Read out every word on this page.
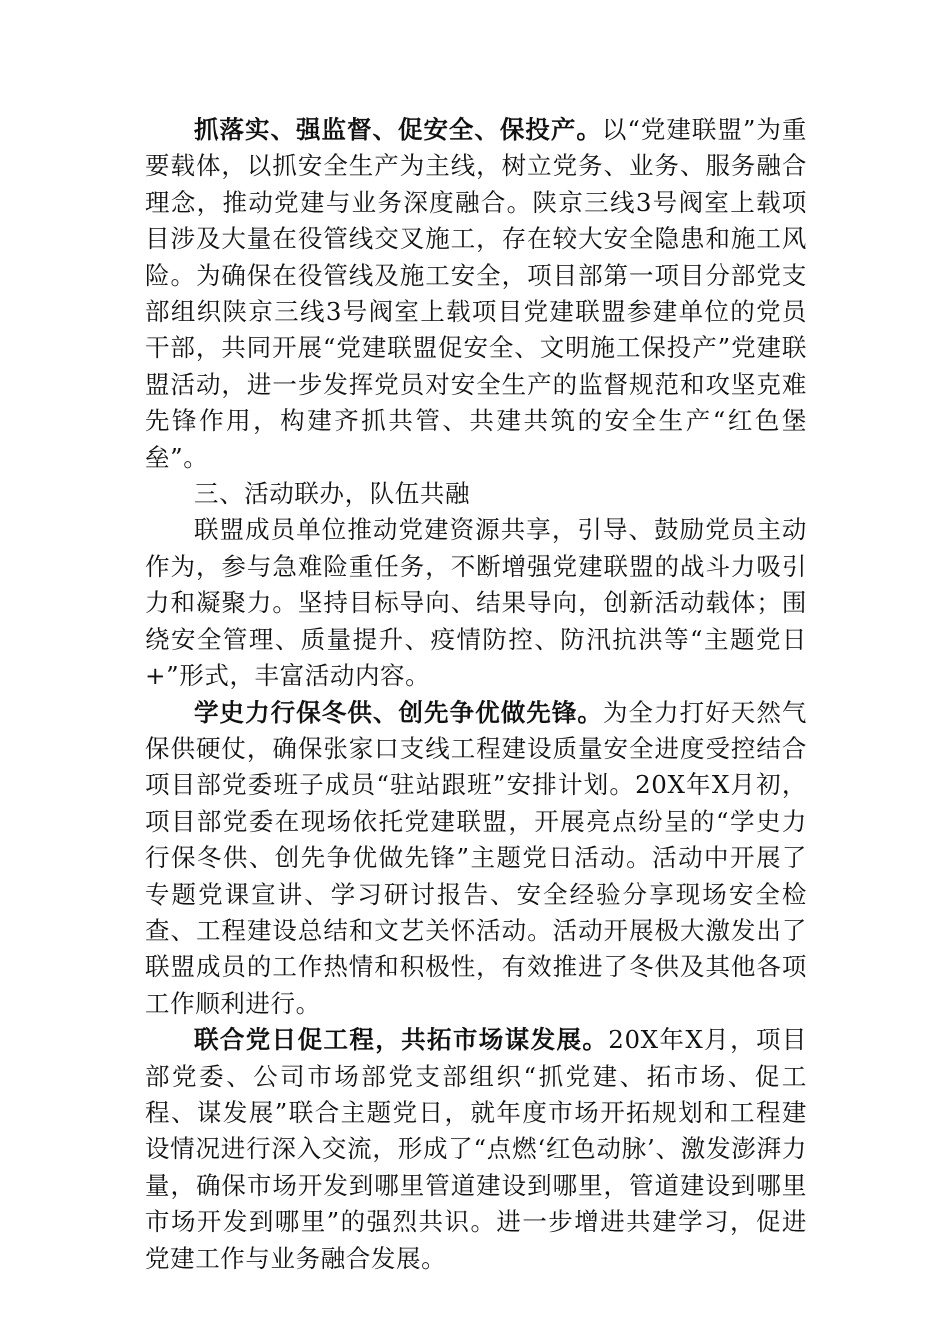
抓落实、强监督、促安全、保投产。以“党建联盟”为重要载体，以抓安全生产为主线，树立党务、业务、服务融合理念，推动党建与业务深度融合。陕京三线3号阀室上载项目涉及大量在役管线交叉施工，存在较大安全隐患和施工风险。为确保在役管线及施工安全，项目部第一项目分部党支部组织陕京三线3号阀室上载项目党建联盟参建单位的党员干部，共同开展“党建联盟促安全、文明施工保投产”党建联盟活动，进一步发挥党员对安全生产的监督规范和攻坚克难先锋作用，构建齐抓共管、共建共筑的安全生产“红色堡垒”。

三、活动联办，队伍共融

联盟成员单位推动党建资源共享，引导、鼓励党员主动作为，参与急难险重任务，不断增强党建联盟的战斗力吸引力和凝聚力。坚持目标导向、结果导向，创新活动载体；围绕安全管理、质量提升、疫情防控、防汛抗洪等“主题党日+”形式，丰富活动内容。

学史力行保冬供、创先争优做先锋。为全力打好天然气保供硬仗，确保张家口支线工程建设质量安全进度受控结合项目部党委班子成员“驻站跟班”安排计划。20X年X月初，项目部党委在现场依托党建联盟，开展亮点纷呈的“学史力行保冬供、创先争优做先锋”主题党日活动。活动中开展了专题党课宣讲、学习研讨报告、安全经验分享现场安全检查、工程建设总结和文艺关怀活动。活动开展极大激发出了联盟成员的工作热情和积极性，有效推进了冬供及其他各项工作顺利进行。

联合党日促工程，共拓市场谋发展。20X年X月，项目部党委、公司市场部党支部组织“抓党建、拓市场、促工程、谋发展”联合主题党日，就年度市场开拓规划和工程建设情况进行深入交流，形成了“点燃‘红色动脉’、激发澎湃力量，确保市场开发到哪里管道建设到哪里，管道建设到哪里市场开发到哪里”的强烈共识。进一步增进共建学习，促进党建工作与业务融合发展。
